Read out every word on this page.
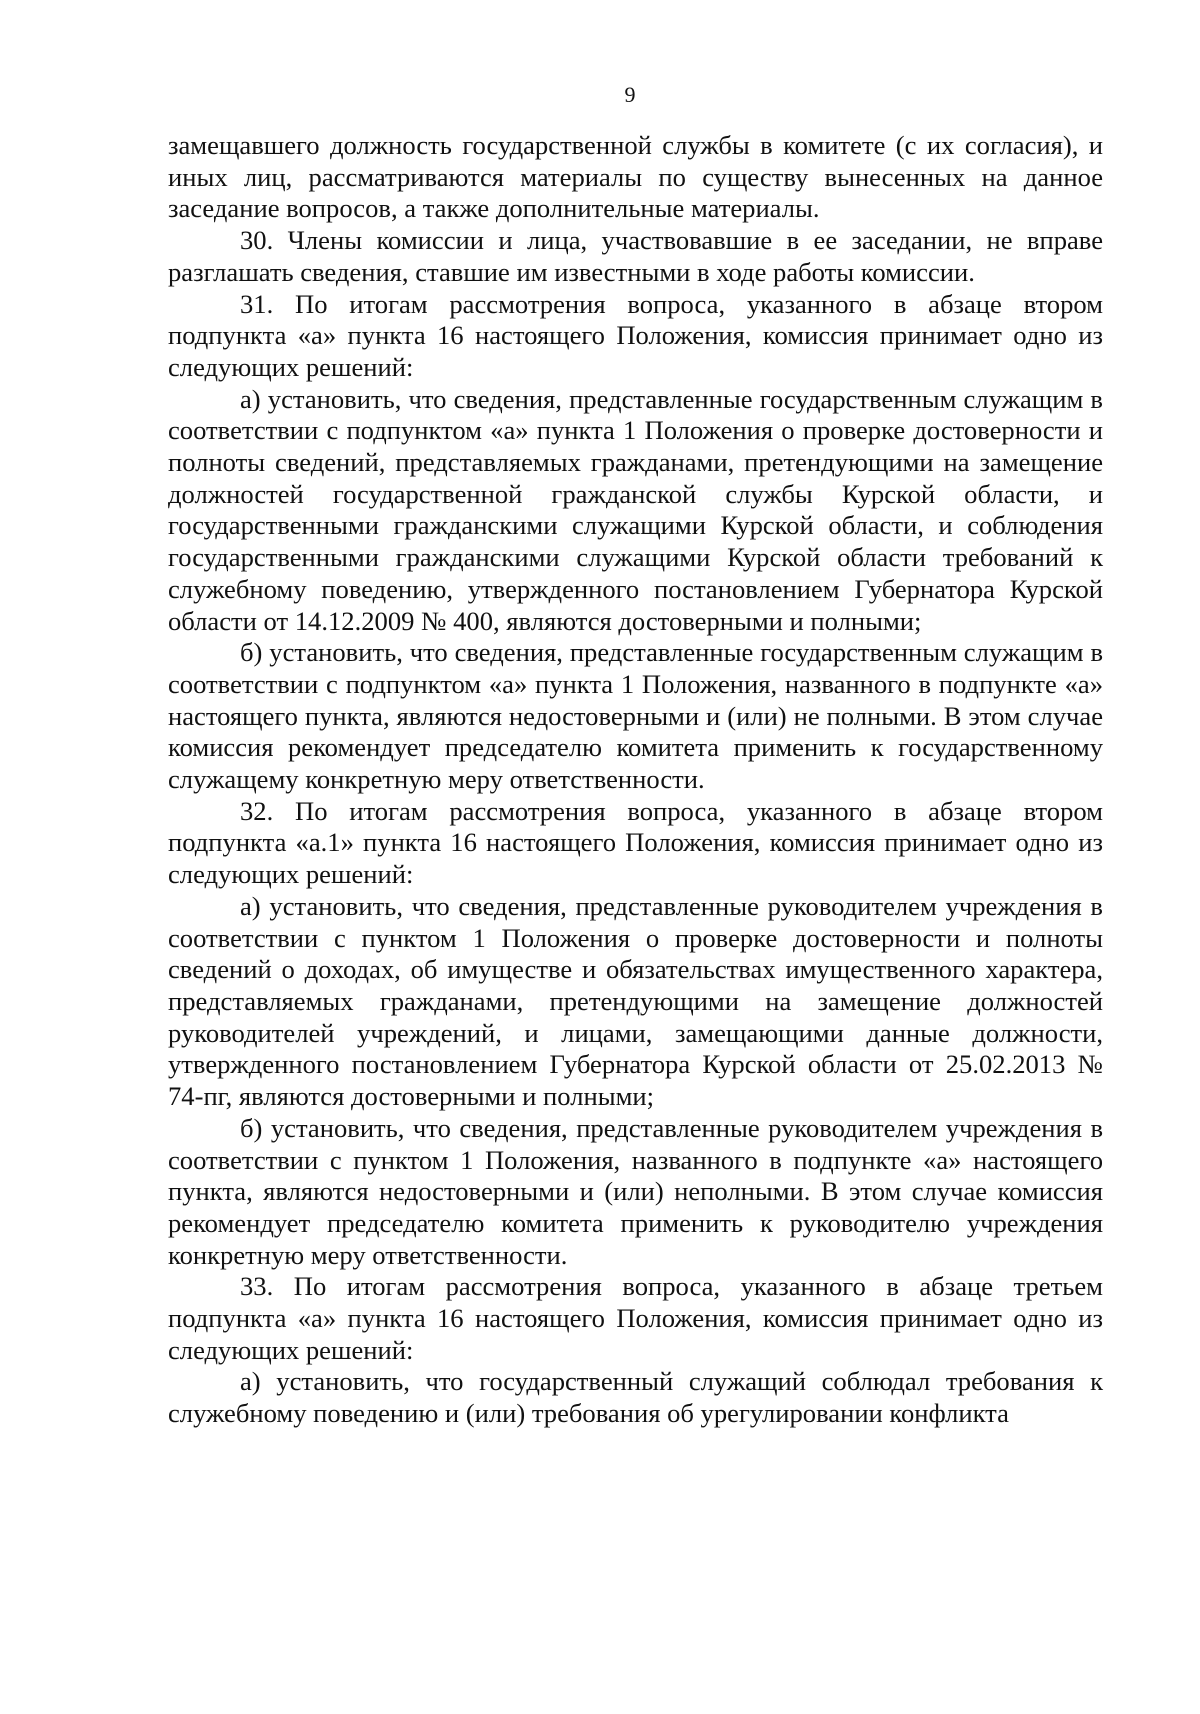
9

замещавшего должность государственной службы в комитете (с их согласия), и иных лиц, рассматриваются материалы по существу вынесенных на данное заседание вопросов, а также дополнительные материалы.

30. Члены комиссии и лица, участвовавшие в ее заседании, не вправе разглашать сведения, ставшие им известными в ходе работы комиссии.

31. По итогам рассмотрения вопроса, указанного в абзаце втором подпункта «а» пункта 16 настоящего Положения, комиссия принимает одно из следующих решений:

а) установить, что сведения, представленные государственным служащим в соответствии с подпунктом «а» пункта 1 Положения о проверке достоверности и полноты сведений, представляемых гражданами, претендующими на замещение должностей государственной гражданской службы Курской области, и государственными гражданскими служащими Курской области, и соблюдения государственными гражданскими служащими Курской области требований к служебному поведению, утвержденного постановлением Губернатора Курской области от 14.12.2009 № 400, являются достоверными и полными;

б) установить, что сведения, представленные государственным служащим в соответствии с подпунктом «а» пункта 1 Положения, названного в подпункте «а» настоящего пункта, являются недостоверными и (или) не полными. В этом случае комиссия рекомендует председателю комитета применить к государственному служащему конкретную меру ответственности.

32. По итогам рассмотрения вопроса, указанного в абзаце втором подпункта «а.1» пункта 16 настоящего Положения, комиссия принимает одно из следующих решений:

а) установить, что сведения, представленные руководителем учреждения в соответствии с пунктом 1 Положения о проверке достоверности и полноты сведений о доходах, об имуществе и обязательствах имущественного характера, представляемых гражданами, претендующими на замещение должностей руководителей учреждений, и лицами, замещающими данные должности, утвержденного постановлением Губернатора Курской области от 25.02.2013 № 74-пг, являются достоверными и полными;

б) установить, что сведения, представленные руководителем учреждения в соответствии с пунктом 1 Положения, названного в подпункте «а» настоящего пункта, являются недостоверными и (или) неполными. В этом случае комиссия рекомендует председателю комитета применить к руководителю учреждения конкретную меру ответственности.

33. По итогам рассмотрения вопроса, указанного в абзаце третьем подпункта «а» пункта 16 настоящего Положения, комиссия принимает одно из следующих решений:

а) установить, что государственный служащий соблюдал требования к служебному поведению и (или) требования об урегулировании конфликта
